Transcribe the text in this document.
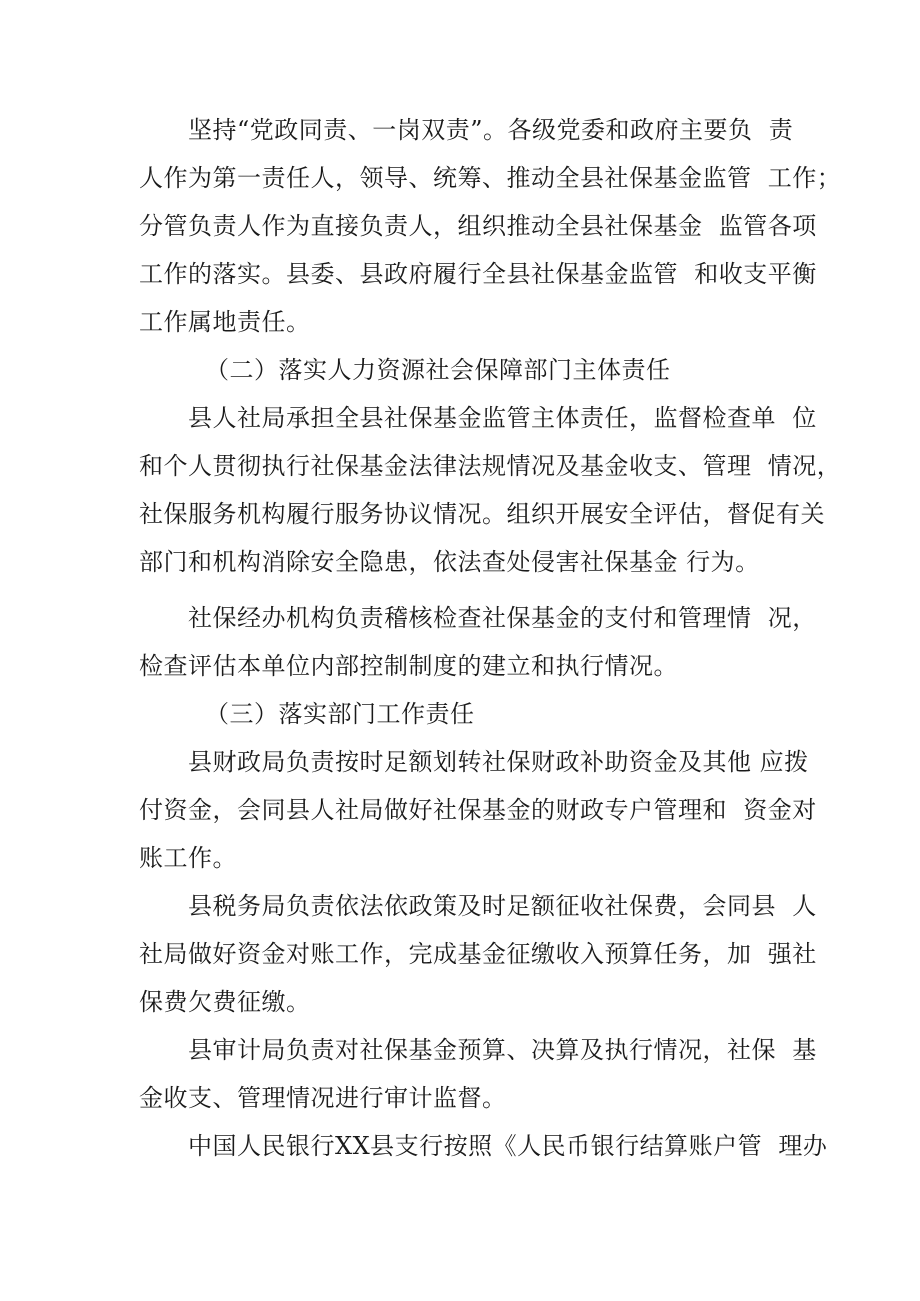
坚持“党政同责、一岗双责”。各级党委和政府主要负  责
人作为第一责任人，领导、统筹、推动全县社保基金监管  工作；
分管负责人作为直接负责人，组织推动全县社保基金  监管各项
工作的落实。县委、县政府履行全县社保基金监管  和收支平衡
工作属地责任。
（二）落实人力资源社会保障部门主体责任
县人社局承担全县社保基金监管主体责任，监督检查单  位
和个人贯彻执行社保基金法律法规情况及基金收支、管理  情况，
社保服务机构履行服务协议情况。组织开展安全评估，督促有关
部门和机构消除安全隐患，依法查处侵害社保基金 行为。
社保经办机构负责稽核检查社保基金的支付和管理情  况，
检查评估本单位内部控制制度的建立和执行情况。
（三）落实部门工作责任
县财政局负责按时足额划转社保财政补助资金及其他 应拨
付资金，会同县人社局做好社保基金的财政专户管理和  资金对
账工作。
县税务局负责依法依政策及时足额征收社保费，会同县  人
社局做好资金对账工作，完成基金征缴收入预算任务，加  强社
保费欠费征缴。
县审计局负责对社保基金预算、决算及执行情况，社保  基
金收支、管理情况进行审计监督。
中国人民银行XX县支行按照《人民币银行结算账户管  理办
